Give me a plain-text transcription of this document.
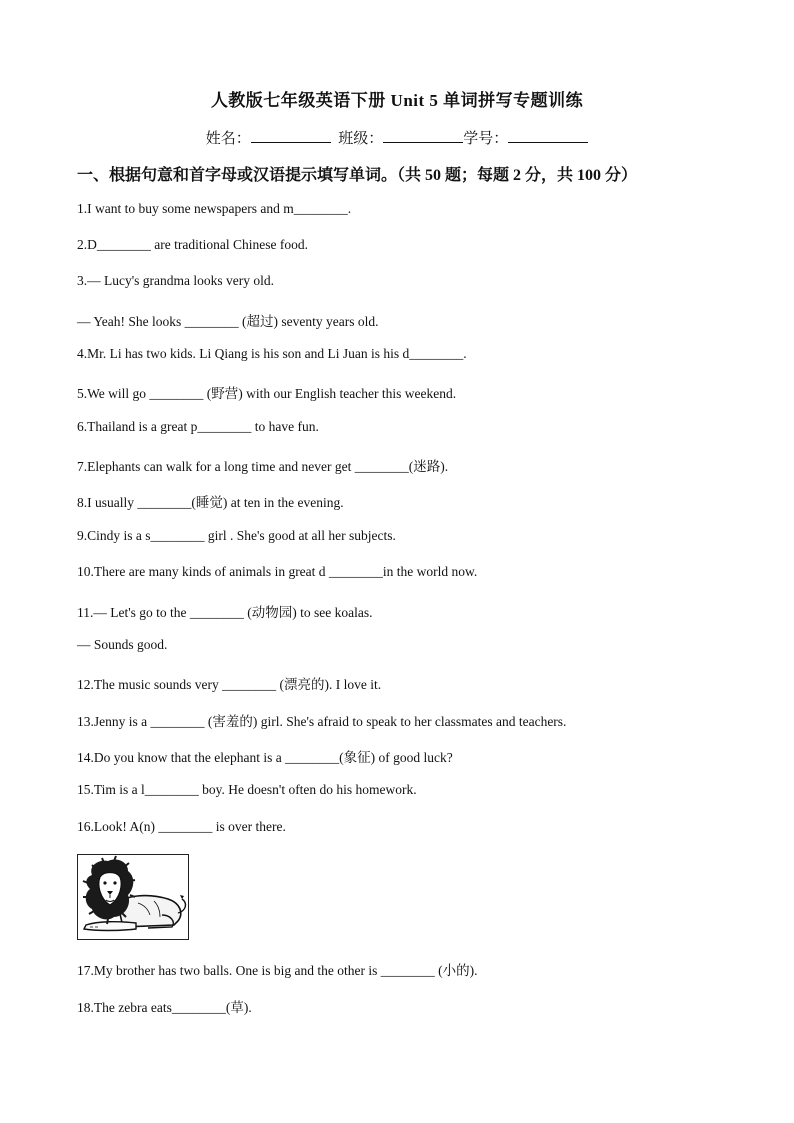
人教版七年级英语下册 Unit 5 单词拼写专题训练
姓名：	班级：	学号：
一、根据句意和首字母或汉语提示填写单词。（共 50 题；每题 2 分，共 100 分）
1.I want to buy some newspapers and m________.
2.D________ are traditional Chinese food.
3.— Lucy's grandma looks very old.
— Yeah! She looks ________ (超过) seventy years old.
4.Mr. Li has two kids. Li Qiang is his son and Li Juan is his d________.
5.We will go ________ (野营) with our English teacher this weekend.
6.Thailand is a great p________ to have fun.
7.Elephants can walk for a long time and never get ________(迷路).
8.I usually ________(睡觉) at ten in the evening.
9.Cindy is a s________ girl . She's good at all her subjects.
10.There are many kinds of animals in great d ________in the world now.
11.— Let's go to the ________ (动物园) to see koalas.
— Sounds good.
12.The music sounds very ________ (漂亮的). I love it.
13.Jenny is a ________ (害羞的) girl. She's afraid to speak to her classmates and teachers.
14.Do you know that the elephant is a ________(象征) of good luck?
15.Tim is a l________ boy. He doesn't often do his homework.
16.Look! A(n) ________ is over there.
17.My brother has two balls. One is big and the other is ________ (小的).
18.The zebra eats________(草).
